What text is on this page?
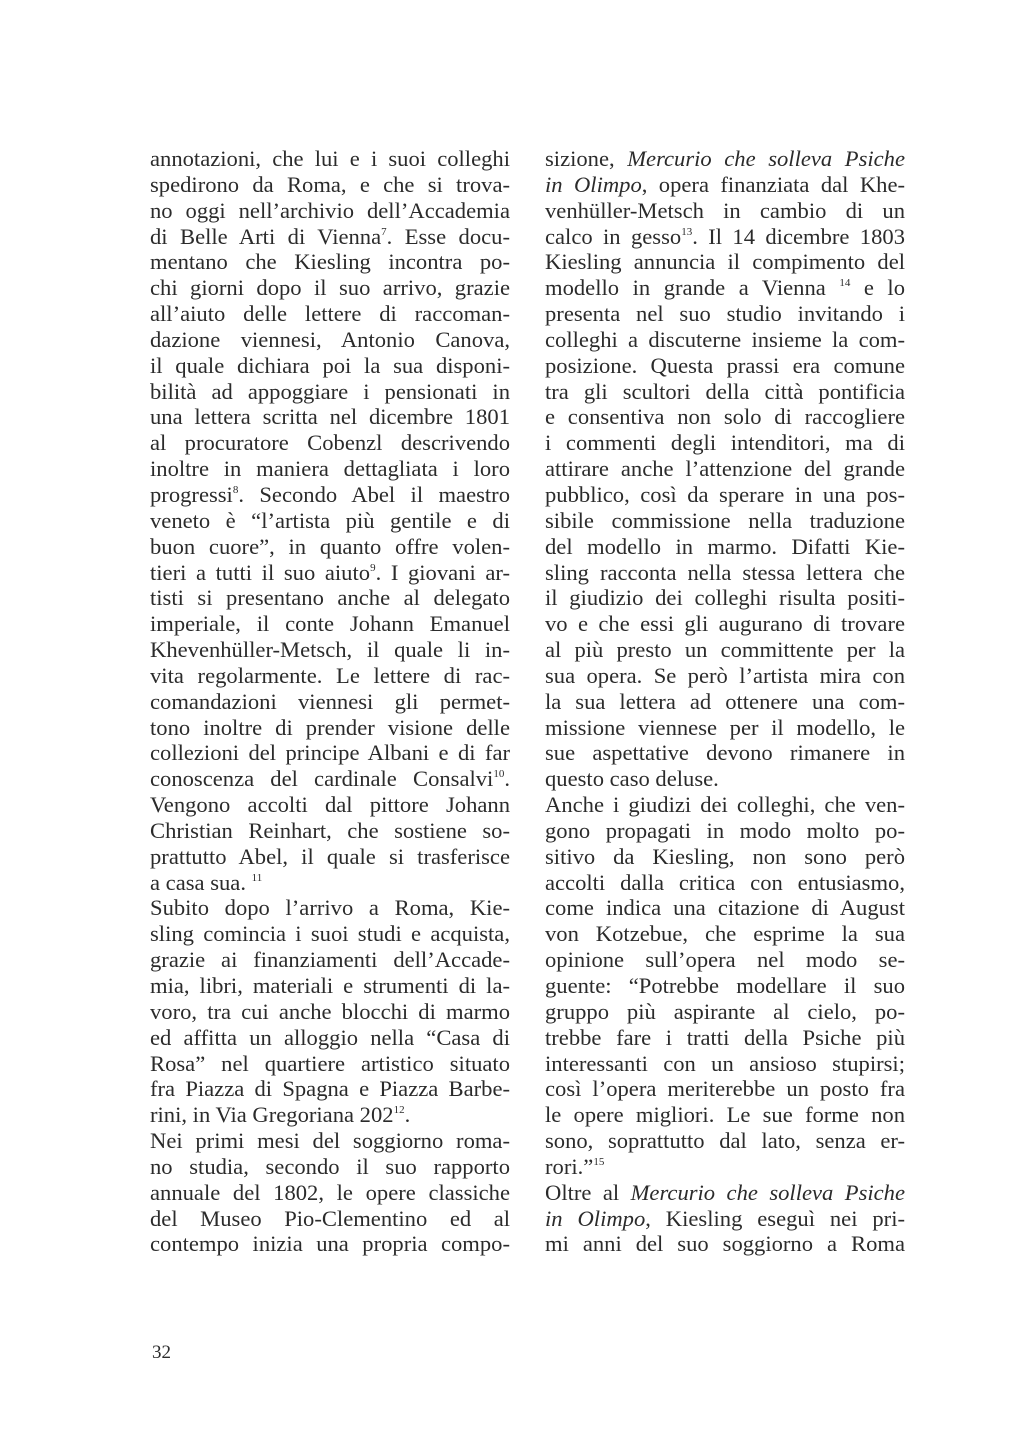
annotazioni, che lui e i suoi colleghi
spedirono da Roma, e che si trova-
no oggi nell’archivio dell’Accademia
di Belle Arti di Vienna$^7$. Esse docu-
mentano che Kiesling incontra po-
chi giorni dopo il suo arrivo, grazie
all’aiuto delle lettere di raccoman-
dazione viennesi, Antonio Canova,
il quale dichiara poi la sua disponi-
bilità ad appoggiare i pensionati in
una lettera scritta nel dicembre 1801
al procuratore Cobenzl descrivendo
inoltre in maniera dettagliata i loro
progressi$^8$. Secondo Abel il maestro
veneto è “l’artista più gentile e di
buon cuore”, in quanto offre volen-
tieri a tutti il suo aiuto$^9$. I giovani ar-
tisti si presentano anche al delegato
imperiale, il conte Johann Emanuel
Khevenhüller-Metsch, il quale li in-
vita regolarmente. Le lettere di rac-
comandazioni viennesi gli permet-
tono inoltre di prender visione delle
collezioni del principe Albani e di far
conoscenza del cardinale Consalvi$^{10}$.
Vengono accolti dal pittore Johann
Christian Reinhart, che sostiene so-
prattutto Abel, il quale si trasferisce
a casa sua. $^{11}$
Subito dopo l’arrivo a Roma, Kie-
sling comincia i suoi studi e acquista,
grazie ai finanziamenti dell’Accade-
mia, libri, materiali e strumenti di la-
voro, tra cui anche blocchi di marmo
ed affitta un alloggio nella “Casa di
Rosa” nel quartiere artistico situato
fra Piazza di Spagna e Piazza Barbe-
rini, in Via Gregoriana $202^{12}$.
Nei primi mesi del soggiorno roma-
no studia, secondo il suo rapporto
annuale del 1802, le opere classiche
del Museo Pio-Clementino ed al
contempo inizia una propria compo-
sizione, Mercurio che solleva Psiche
in Olimpo, opera finanziata dal Khe-
venhüller-Metsch in cambio di un
calco in gesso$^{13}$. Il 14 dicembre 1803
Kiesling annuncia il compimento del
modello in grande a Vienna $^{14}$ e lo
presenta nel suo studio invitando i
colleghi a discuterne insieme la com-
posizione. Questa prassi era comune
tra gli scultori della città pontificia
e consentiva non solo di raccogliere
i commenti degli intenditori, ma di
attirare anche l’attenzione del grande
pubblico, così da sperare in una pos-
sibile commissione nella traduzione
del modello in marmo. Difatti Kie-
sling racconta nella stessa lettera che
il giudizio dei colleghi risulta positi-
vo e che essi gli augurano di trovare
al più presto un committente per la
sua opera. Se però l’artista mira con
la sua lettera ad ottenere una com-
missione viennese per il modello, le
sue aspettative devono rimanere in
questo caso deluse.
Anche i giudizi dei colleghi, che ven-
gono propagati in modo molto po-
sitivo da Kiesling, non sono però
accolti dalla critica con entusiasmo,
come indica una citazione di August
von Kotzebue, che esprime la sua
opinione sull’opera nel modo se-
guente: “Potrebbe modellare il suo
gruppo più aspirante al cielo, po-
trebbe fare i tratti della Psiche più
interessanti con un ansioso stupirsi;
così l’opera meriterebbe un posto fra
le opere migliori. Le sue forme non
sono, soprattutto dal lato, senza er-
rori.”$^{15}$
Oltre al Mercurio che solleva Psiche
in Olimpo, Kiesling eseguì nei pri-
mi anni del suo soggiorno a Roma
32
